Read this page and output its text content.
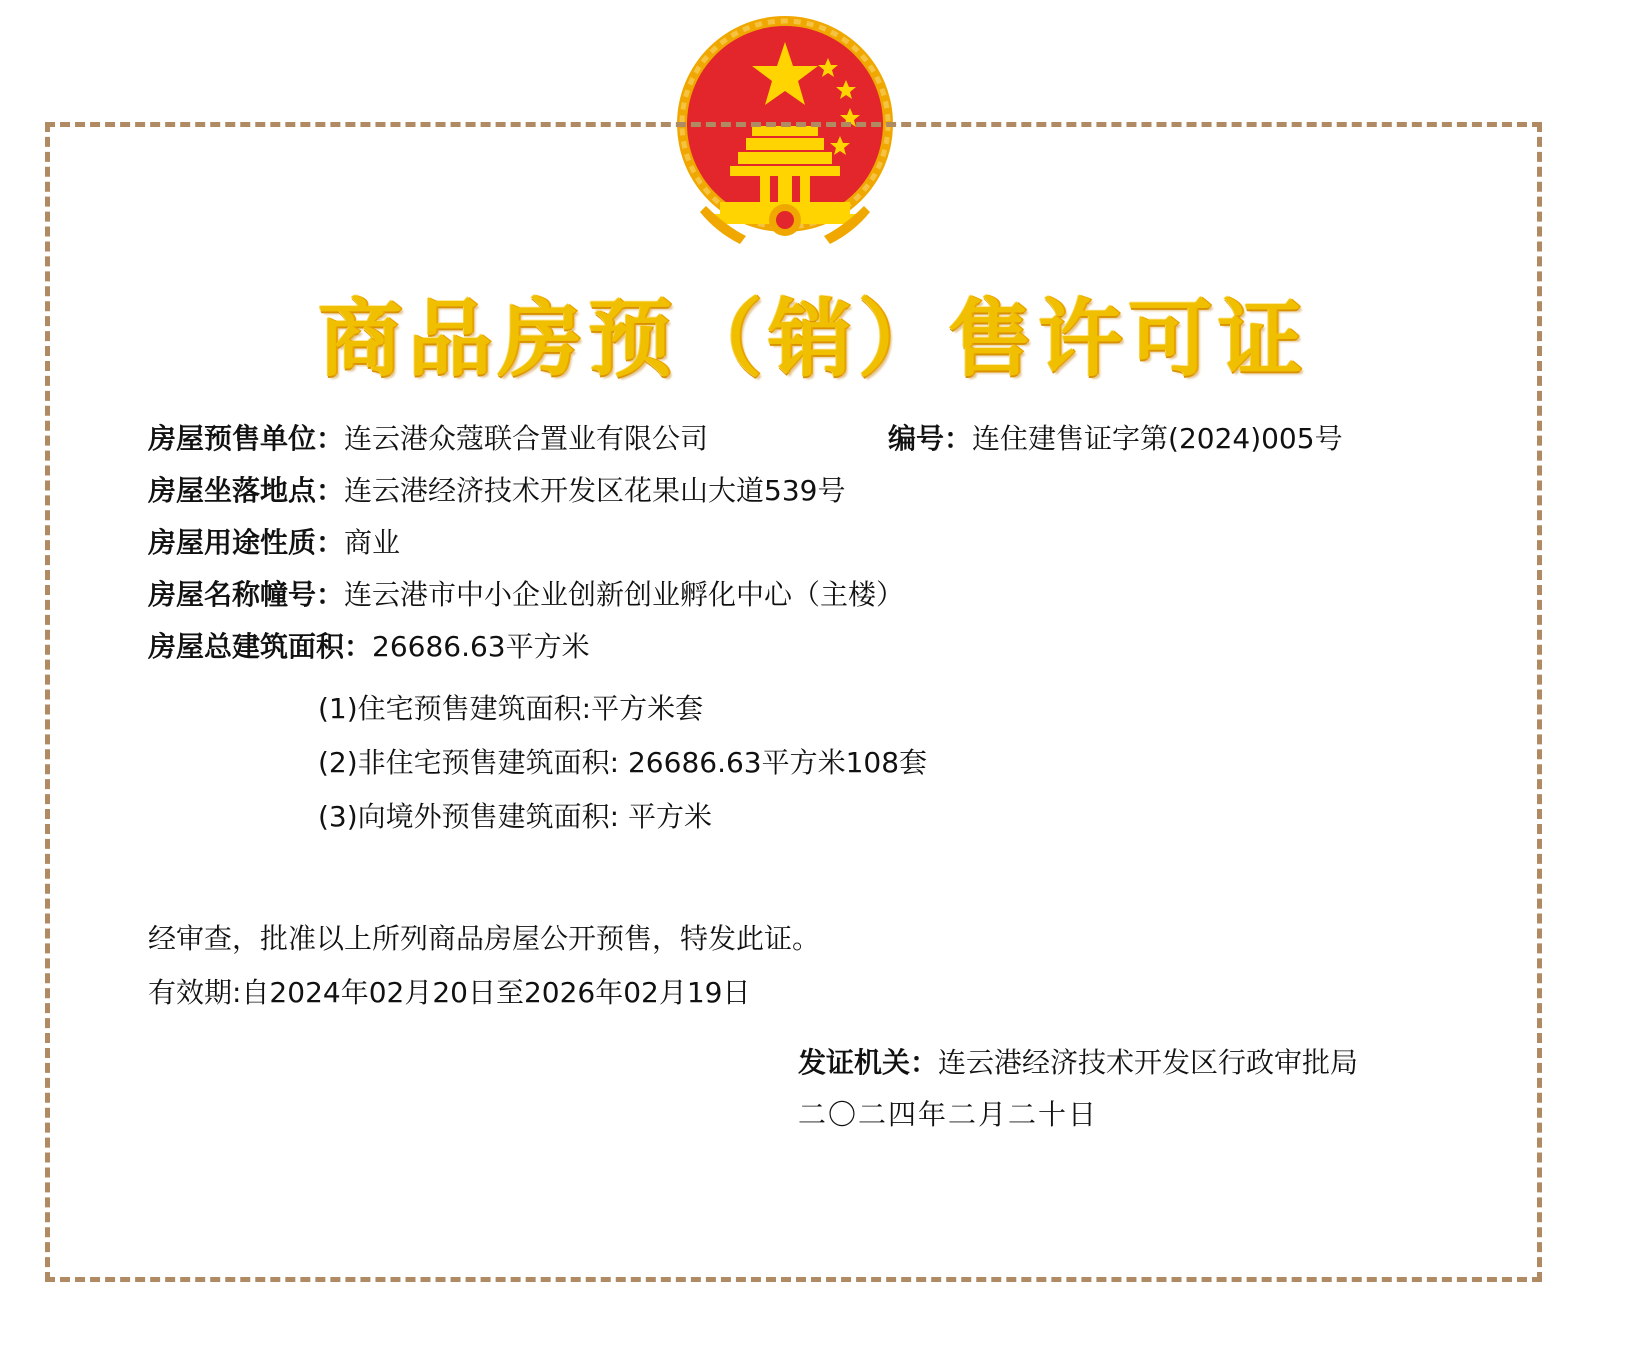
商品房预（销）售许可证
房屋预售单位：连云港众蔻联合置业有限公司	编号：连住建售证字第(2024)005号
房屋坐落地点：连云港经济技术开发区花果山大道539号
房屋用途性质：商业
房屋名称幢号：连云港市中小企业创新创业孵化中心（主楼）
房屋总建筑面积：26686.63平方米
(1)住宅预售建筑面积:平方米套
(2)非住宅预售建筑面积: 26686.63平方米108套
(3)向境外预售建筑面积: 平方米
经审查，批准以上所列商品房屋公开预售，特发此证。
有效期:自2024年02月20日至2026年02月19日
发证机关：连云港经济技术开发区行政审批局
二〇二四年二月二十日
